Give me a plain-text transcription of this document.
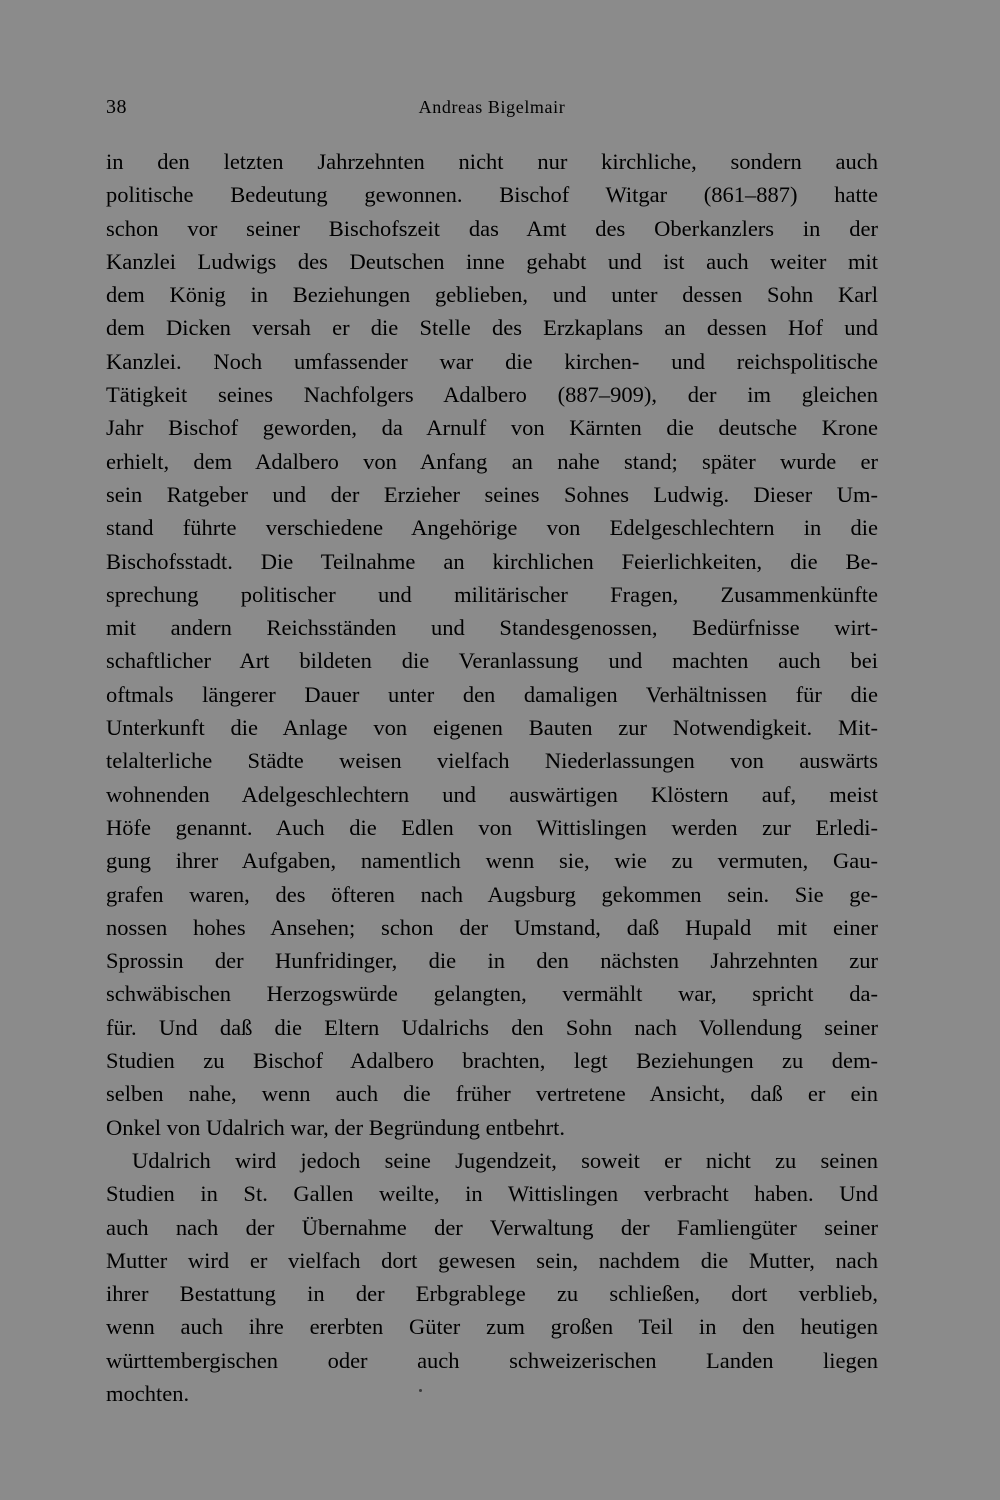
38	Andreas Bigelmair

in den letzten Jahrzehnten nicht nur kirchliche, sondern auch
politische Bedeutung gewonnen. Bischof Witgar (861–887) hatte
schon vor seiner Bischofszeit das Amt des Oberkanzlers in der
Kanzlei Ludwigs des Deutschen inne gehabt und ist auch weiter mit
dem König in Beziehungen geblieben, und unter dessen Sohn Karl
dem Dicken versah er die Stelle des Erzkaplans an dessen Hof und
Kanzlei. Noch umfassender war die kirchen- und reichspolitische
Tätigkeit seines Nachfolgers Adalbero (887–909), der im gleichen
Jahr Bischof geworden, da Arnulf von Kärnten die deutsche Krone
erhielt, dem Adalbero von Anfang an nahe stand; später wurde er
sein Ratgeber und der Erzieher seines Sohnes Ludwig. Dieser Um-
stand führte verschiedene Angehörige von Edelgeschlechtern in die
Bischofsstadt. Die Teilnahme an kirchlichen Feierlichkeiten, die Be-
sprechung politischer und militärischer Fragen, Zusammenkünfte
mit andern Reichsständen und Standesgenossen, Bedürfnisse wirt-
schaftlicher Art bildeten die Veranlassung und machten auch bei
oftmals längerer Dauer unter den damaligen Verhältnissen für die
Unterkunft die Anlage von eigenen Bauten zur Notwendigkeit. Mit-
telalterliche Städte weisen vielfach Niederlassungen von auswärts
wohnenden Adelgeschlechtern und auswärtigen Klöstern auf, meist
Höfe genannt. Auch die Edlen von Wittislingen werden zur Erledi-
gung ihrer Aufgaben, namentlich wenn sie, wie zu vermuten, Gau-
grafen waren, des öfteren nach Augsburg gekommen sein. Sie ge-
nossen hohes Ansehen; schon der Umstand, daß Hupald mit einer
Sprossin der Hunfridinger, die in den nächsten Jahrzehnten zur
schwäbischen Herzogswürde gelangten, vermählt war, spricht da-
für. Und daß die Eltern Udalrichs den Sohn nach Vollendung seiner
Studien zu Bischof Adalbero brachten, legt Beziehungen zu dem-
selben nahe, wenn auch die früher vertretene Ansicht, daß er ein
Onkel von Udalrich war, der Begründung entbehrt.

Udalrich wird jedoch seine Jugendzeit, soweit er nicht zu seinen
Studien in St. Gallen weilte, in Wittislingen verbracht haben. Und
auch nach der Übernahme der Verwaltung der Famliengüter seiner
Mutter wird er vielfach dort gewesen sein, nachdem die Mutter, nach
ihrer Bestattung in der Erbgrablege zu schließen, dort verblieb,
wenn auch ihre ererbten Güter zum großen Teil in den heutigen
württembergischen oder auch schweizerischen Landen liegen
mochten.
